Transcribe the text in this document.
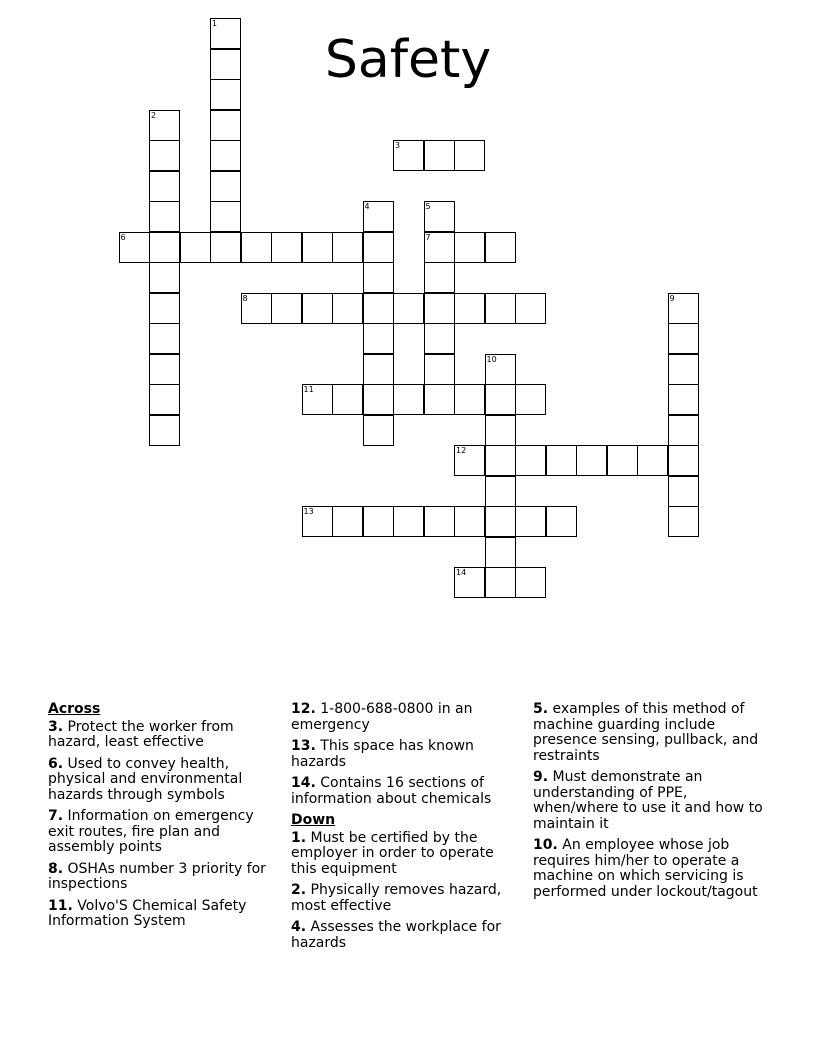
Safety
1
2
3
4	5
6	7
8	9
10
11
12
13
14
Across
3. Protect the worker from hazard, least effective
6. Used to convey health, physical and environmental hazards through symbols
7. Information on emergency exit routes, fire plan and assembly points
8. OSHAs number 3 priority for inspections
11. Volvo'S Chemical Safety Information System
12. 1-800-688-0800 in an emergency
13. This space has known hazards
14. Contains 16 sections of information about chemicals
Down
1. Must be certified by the employer in order to operate this equipment
2. Physically removes hazard, most effective
4. Assesses the workplace for hazards
5. examples of this method of machine guarding include presence sensing, pullback, and restraints
9. Must demonstrate an understanding of PPE, when/where to use it and how to maintain it
10. An employee whose job requires him/her to operate a machine on which servicing is performed under lockout/tagout
